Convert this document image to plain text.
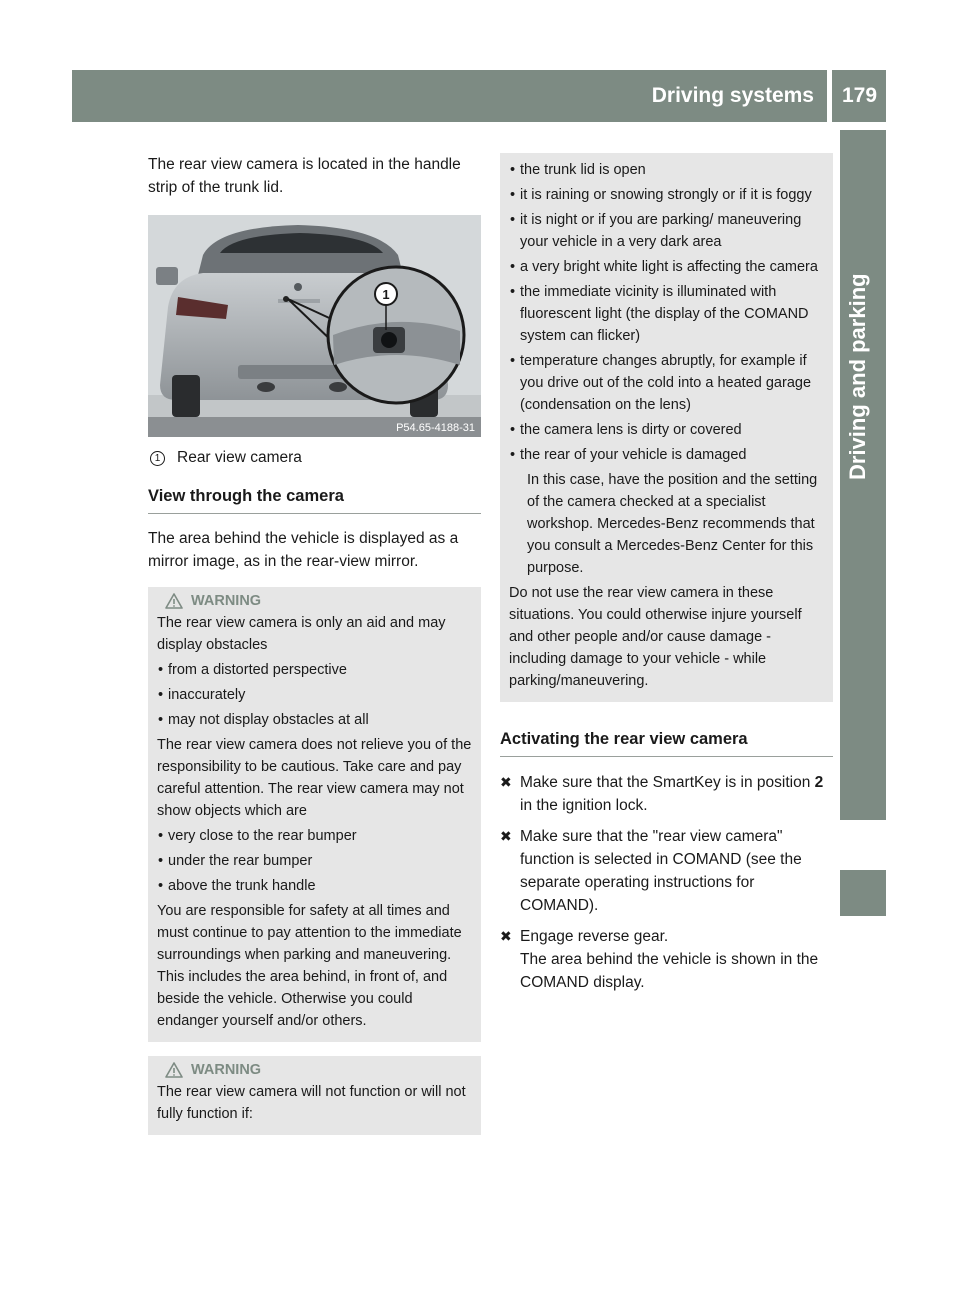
Driving systems 179
Driving and parking

The rear view camera is located in the handle strip of the trunk lid.

1
P54.65-4188-31
1	Rear view camera
View through the camera

The area behind the vehicle is displayed as a mirror image, as in the rear-view mirror.

WARNING
The rear view camera is only an aid and may display obstacles
• from a distorted perspective
• inaccurately
• may not display obstacles at all
The rear view camera does not relieve you of the responsibility to be cautious. Take care and pay careful attention. The rear view camera may not show objects which are
• very close to the rear bumper
• under the rear bumper
• above the trunk handle
You are responsible for safety at all times and must continue to pay attention to the immediate surroundings when parking and maneuvering. This includes the area behind, in front of, and beside the vehicle. Otherwise you could endanger yourself and/or others.
WARNING
The rear view camera will not function or will not fully function if:
• the trunk lid is open
• it is raining or snowing strongly or if it is foggy
• it is night or if you are parking/ maneuvering your vehicle in a very dark area
• a very bright white light is affecting the camera
• the immediate vicinity is illuminated with fluorescent light (the display of the COMAND system can flicker)
• temperature changes abruptly, for example if you drive out of the cold into a heated garage (condensation on the lens)
• the camera lens is dirty or covered
• the rear of your vehicle is damaged
In this case, have the position and the setting of the camera checked at a specialist workshop. Mercedes-Benz recommends that you consult a Mercedes-Benz Center for this purpose.
Do not use the rear view camera in these situations. You could otherwise injure yourself and other people and/or cause damage - including damage to your vehicle - while parking/maneuvering.
Activating the rear view camera
✖ Make sure that the SmartKey is in position 2 in the ignition lock.
✖ Make sure that the "rear view camera" function is selected in COMAND (see the separate operating instructions for COMAND).
✖ Engage reverse gear.
The area behind the vehicle is shown in the COMAND display.
